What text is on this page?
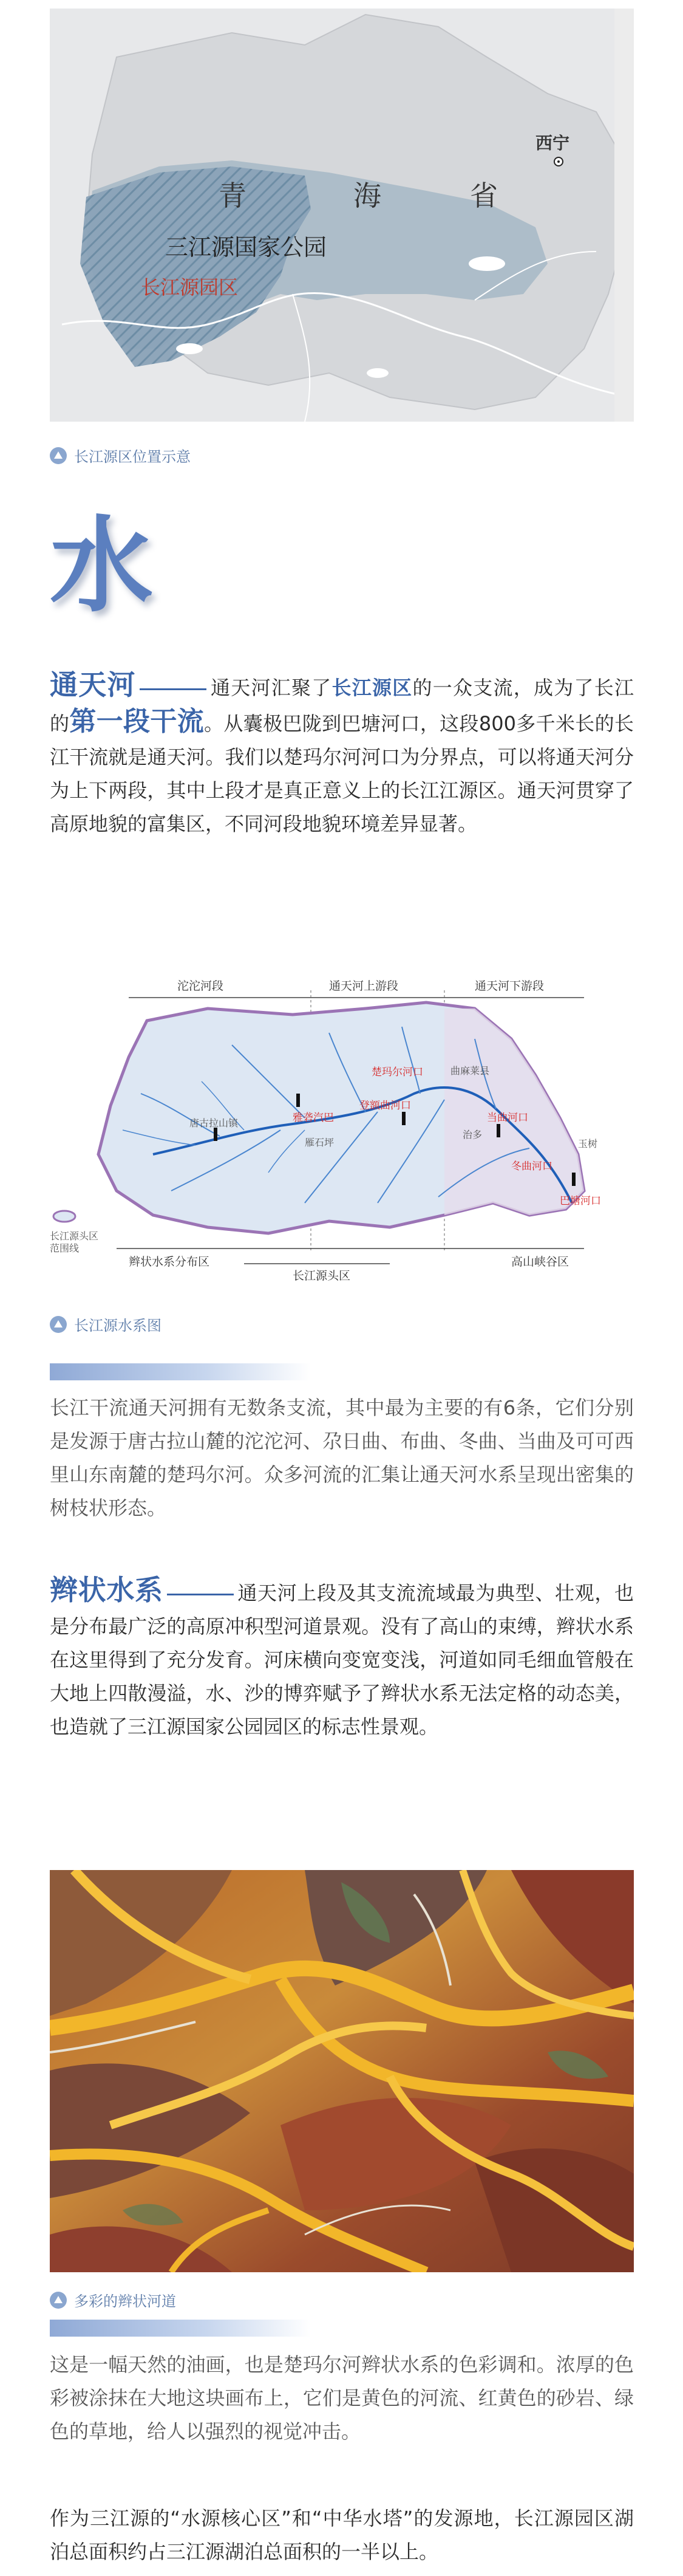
青	海	省
三江源国家公园
长江源园区
西宁
长江源区位置示意
水
通天河	通天河汇聚了长江源区的一众支流，成为了长江的第一段干流。从囊极巴陇到巴塘河口，这段800多千米长的长江干流就是通天河。我们以楚玛尔河河口为分界点，可以将通天河分为上下两段，其中上段才是真正意义上的长江江源区。通天河贯穿了高原地貌的富集区，不同河段地貌环境差异显著。
沱沱河段	通天河上游段	通天河下游段
楚玛尔河口
登额曲河口
雅砻汽巴	当曲河口
冬曲河口
巴塘河口
唐古拉山镇
雁石坪
曲麻莱县
治多
玉树
长江源头区
范围线
辫状水系分布区
长江源头区
高山峡谷区
长江源水系图
长江干流通天河拥有无数条支流，其中最为主要的有6条，它们分别是发源于唐古拉山麓的沱沱河、尕日曲、布曲、冬曲、当曲及可可西里山东南麓的楚玛尔河。众多河流的汇集让通天河水系呈现出密集的树枝状形态。
辫状水系	通天河上段及其支流流域最为典型、壮观，也是分布最广泛的高原冲积型河道景观。没有了高山的束缚，辫状水系在这里得到了充分发育。河床横向变宽变浅，河道如同毛细血管般在大地上四散漫溢，水、沙的博弈赋予了辫状水系无法定格的动态美，也造就了三江源国家公园园区的标志性景观。
多彩的辫状河道
这是一幅天然的油画，也是楚玛尔河辫状水系的色彩调和。浓厚的色彩被涂抹在大地这块画布上，它们是黄色的河流、红黄色的砂岩、绿色的草地，给人以强烈的视觉冲击。
作为三江源的“水源核心区”和“中华水塔”的发源地，长江源园区湖泊总面积约占三江源湖泊总面积的一半以上。
